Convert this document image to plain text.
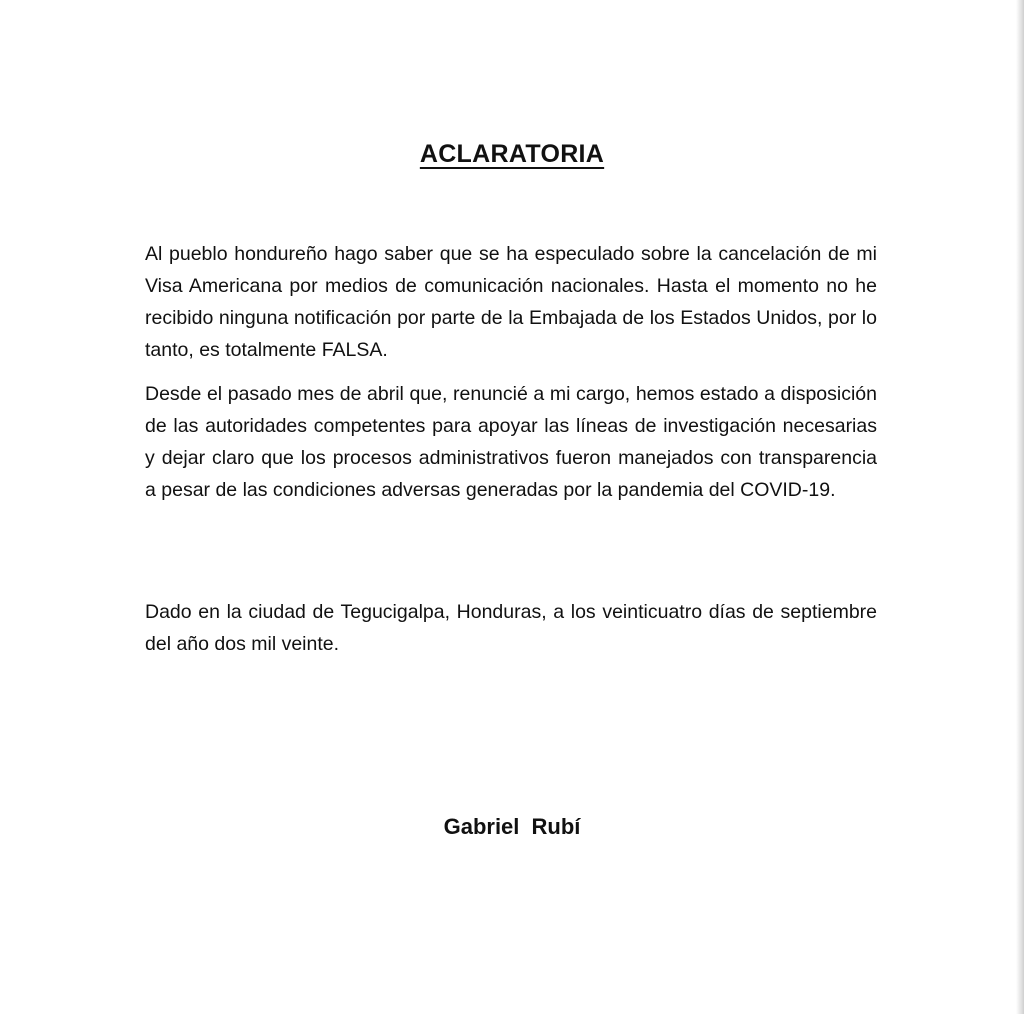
ACLARATORIA

Al pueblo hondureño hago saber que se ha especulado sobre la cancelación de mi Visa Americana por medios de comunicación nacionales. Hasta el momento no he recibido ninguna notificación por parte de la Embajada de los Estados Unidos, por lo tanto, es totalmente FALSA.

Desde el pasado mes de abril que, renuncié a mi cargo, hemos estado a disposición de las autoridades competentes para apoyar las líneas de investigación necesarias y dejar claro que los procesos administrativos fueron manejados con transparencia a pesar de las condiciones adversas generadas por la pandemia del COVID-19.

Dado en la ciudad de Tegucigalpa, Honduras, a los veinticuatro días de septiembre del año dos mil veinte.

Gabriel Rubí
